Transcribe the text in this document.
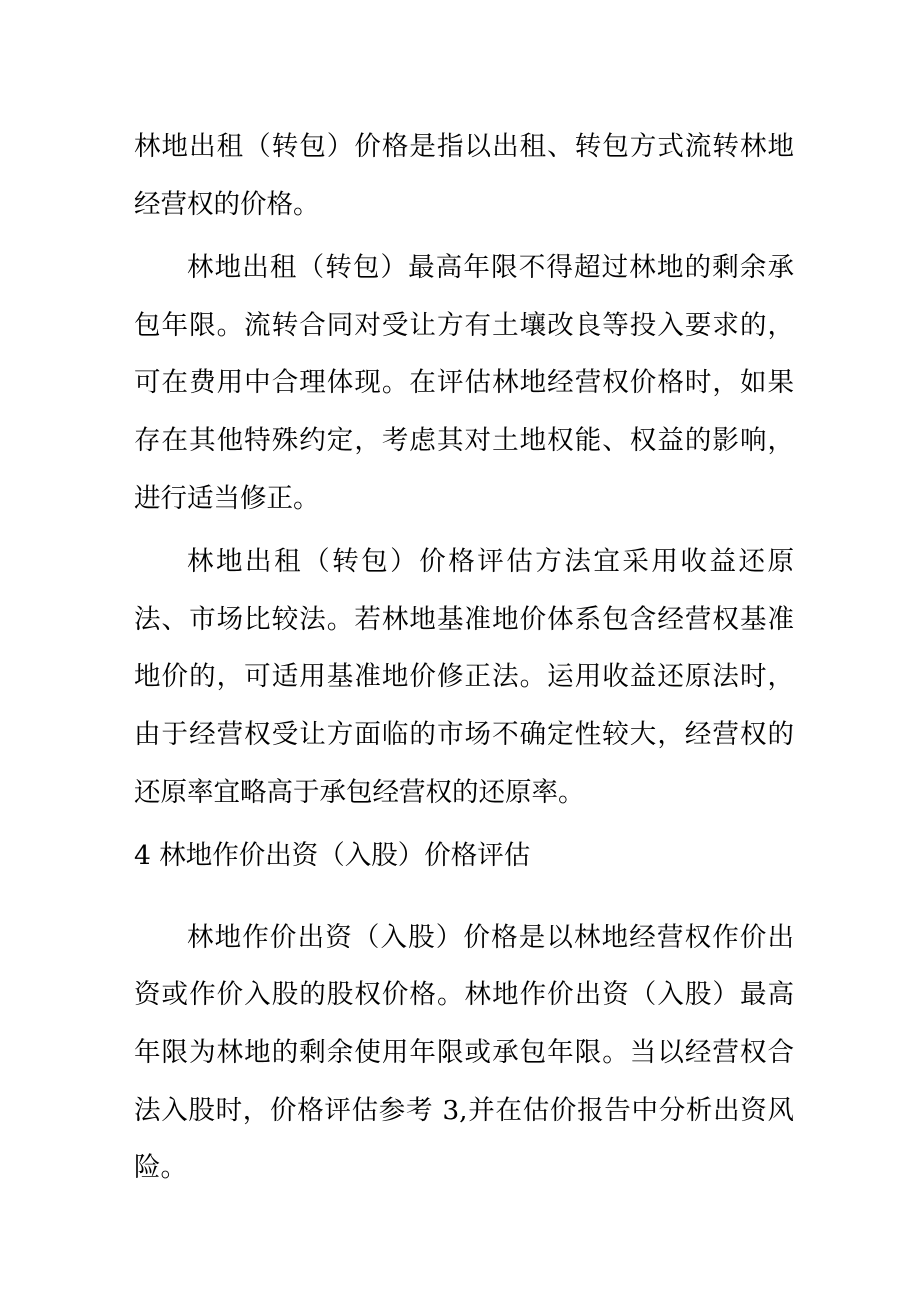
林地出租（转包）价格是指以出租、转包方式流转林地经营权的价格。

林地出租（转包）最高年限不得超过林地的剩余承包年限。流转合同对受让方有土壤改良等投入要求的，可在费用中合理体现。在评估林地经营权价格时，如果存在其他特殊约定，考虑其对土地权能、权益的影响，进行适当修正。

林地出租（转包）价格评估方法宜采用收益还原法、市场比较法。若林地基准地价体系包含经营权基准地价的，可适用基准地价修正法。运用收益还原法时，由于经营权受让方面临的市场不确定性较大，经营权的还原率宜略高于承包经营权的还原率。

4 林地作价出资（入股）价格评估

林地作价出资（入股）价格是以林地经营权作价出资或作价入股的股权价格。林地作价出资（入股）最高年限为林地的剩余使用年限或承包年限。当以经营权合法入股时，价格评估参考 3,并在估价报告中分析出资风险。
